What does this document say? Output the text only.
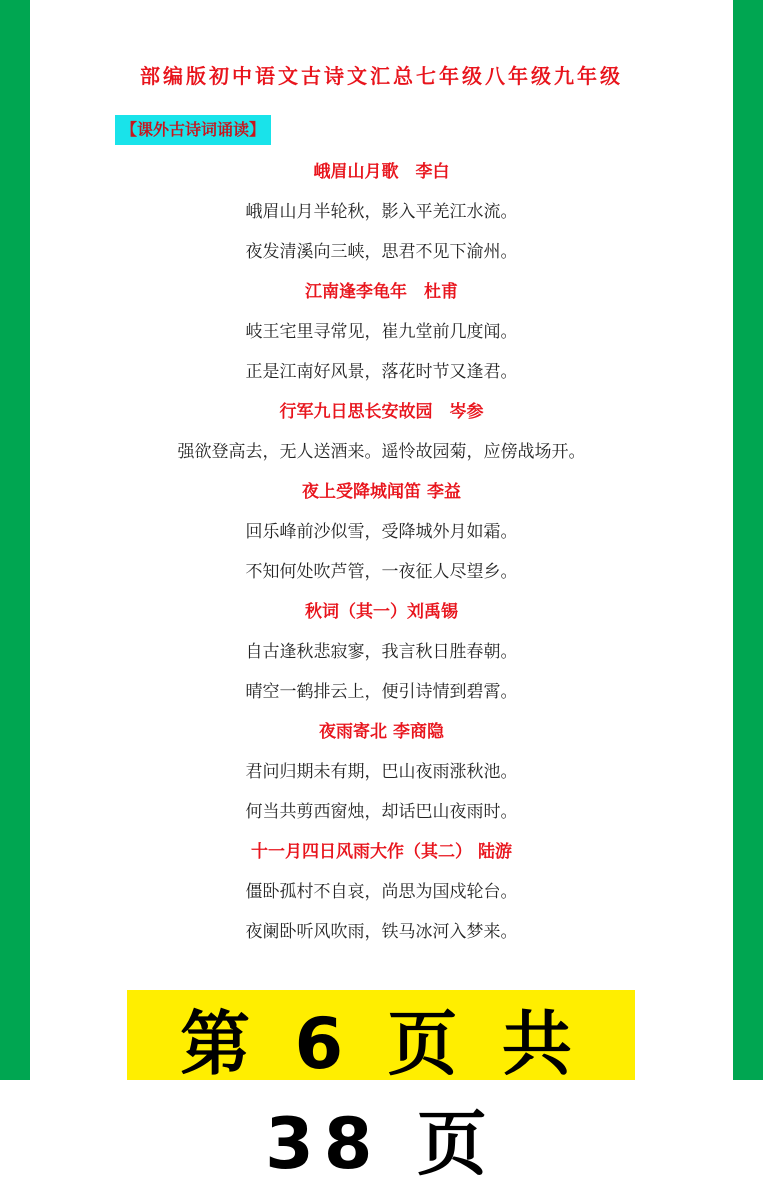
部编版初中语文古诗文汇总七年级八年级九年级
【课外古诗词诵读】
峨眉山月歌　李白
峨眉山月半轮秋，影入平羌江水流。
夜发清溪向三峡，思君不见下渝州。
江南逢李龟年　杜甫
岐王宅里寻常见，崔九堂前几度闻。
正是江南好风景，落花时节又逢君。
行军九日思长安故园　岑参
强欲登高去，无人送酒来。遥怜故园菊，应傍战场开。
夜上受降城闻笛 李益
回乐峰前沙似雪，受降城外月如霜。
不知何处吹芦管，一夜征人尽望乡。
秋词（其一）刘禹锡
自古逢秋悲寂寥，我言秋日胜春朝。
晴空一鹤排云上，便引诗情到碧霄。
夜雨寄北 李商隐
君问归期未有期，巴山夜雨涨秋池。
何当共剪西窗烛，却话巴山夜雨时。
十一月四日风雨大作（其二） 陆游
僵卧孤村不自哀，尚思为国戍轮台。
夜阑卧听风吹雨，铁马冰河入梦来。
第 6 页 共 38 页
